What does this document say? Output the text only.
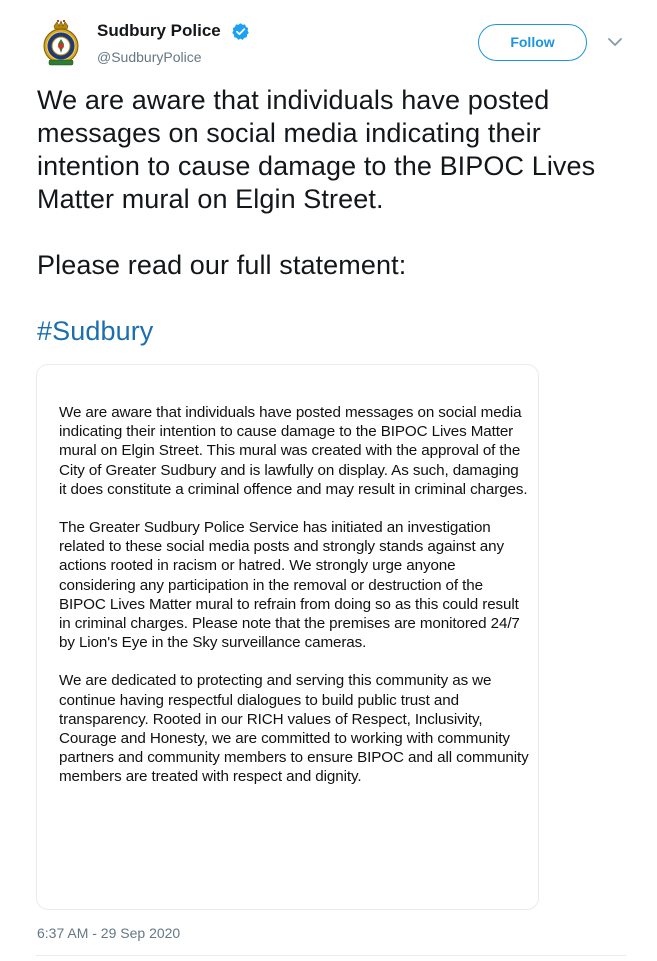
Sudbury Police
@SudburyPolice
Follow

We are aware that individuals have posted messages on social media indicating their intention to cause damage to the BIPOC Lives Matter mural on Elgin Street.

Please read our full statement:

#Sudbury

We are aware that individuals have posted messages on social media indicating their intention to cause damage to the BIPOC Lives Matter mural on Elgin Street. This mural was created with the approval of the City of Greater Sudbury and is lawfully on display. As such, damaging it does constitute a criminal offence and may result in criminal charges.

The Greater Sudbury Police Service has initiated an investigation related to these social media posts and strongly stands against any actions rooted in racism or hatred. We strongly urge anyone considering any participation in the removal or destruction of the BIPOC Lives Matter mural to refrain from doing so as this could result in criminal charges. Please note that the premises are monitored 24/7 by Lion's Eye in the Sky surveillance cameras.

We are dedicated to protecting and serving this community as we continue having respectful dialogues to build public trust and transparency. Rooted in our RICH values of Respect, Inclusivity, Courage and Honesty, we are committed to working with community partners and community members to ensure BIPOC and all community members are treated with respect and dignity.

6:37 AM - 29 Sep 2020
